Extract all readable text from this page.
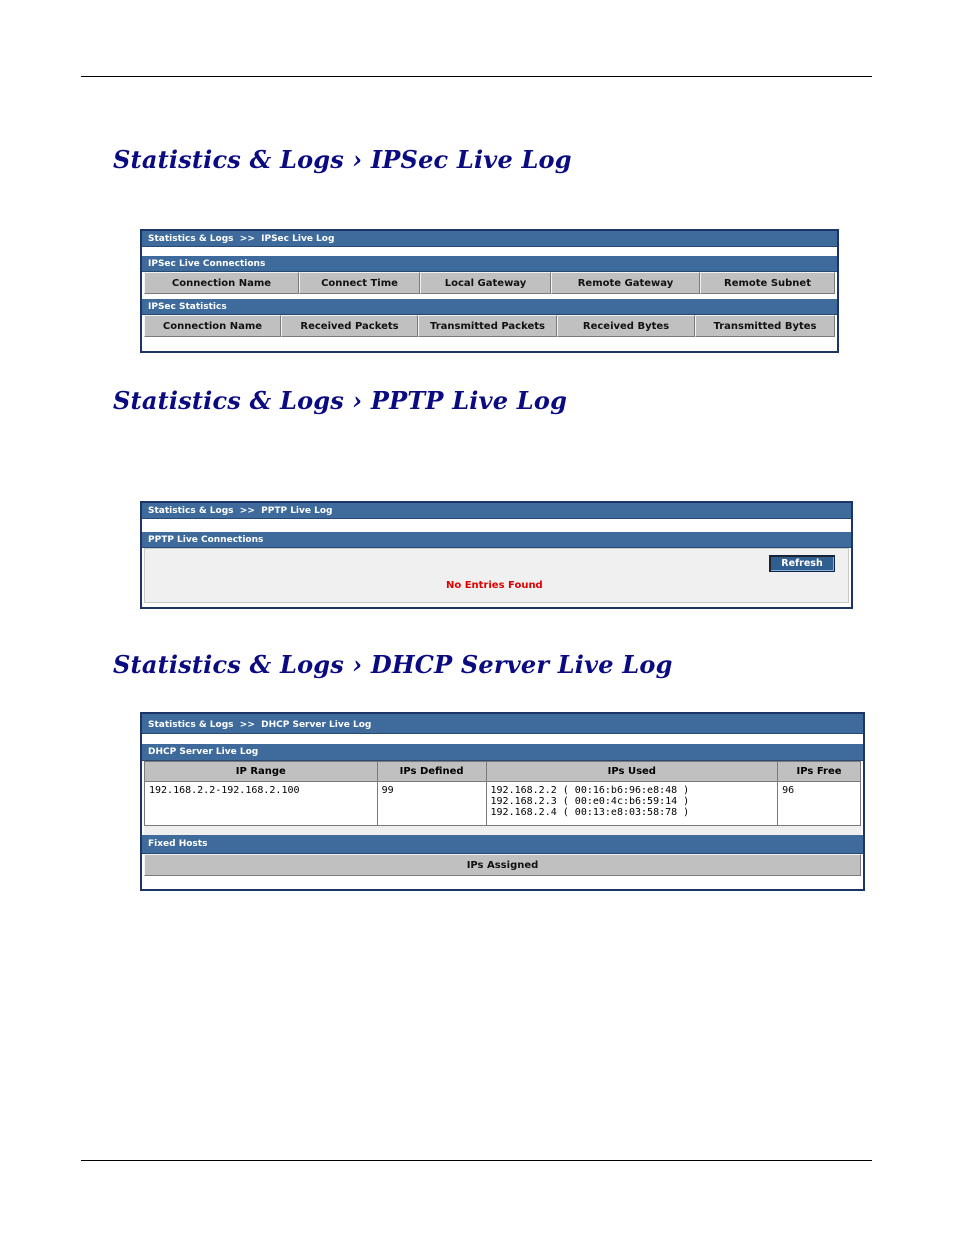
Statistics & Logs › IPSec Live Log
Statistics & Logs  >>  IPSec Live Log
IPSec Live Connections
Connection Name	Connect Time	Local Gateway	Remote Gateway	Remote Subnet
IPSec Statistics
Connection Name	Received Packets	Transmitted Packets	Received Bytes	Transmitted Bytes
Statistics & Logs › PPTP Live Log
Statistics & Logs  >>  PPTP Live Log
PPTP Live Connections
Refresh
No Entries Found
Statistics & Logs › DHCP Server Live Log
Statistics & Logs  >>  DHCP Server Live Log
DHCP Server Live Log
IP Range	IPs Defined	IPs Used	IPs Free
192.168.2.2-192.168.2.100	99	192.168.2.2 ( 00:16:b6:96:e8:48 )
192.168.2.3 ( 00:e0:4c:b6:59:14 )
192.168.2.4 ( 00:13:e8:03:58:78 )	96
Fixed Hosts
IPs Assigned
